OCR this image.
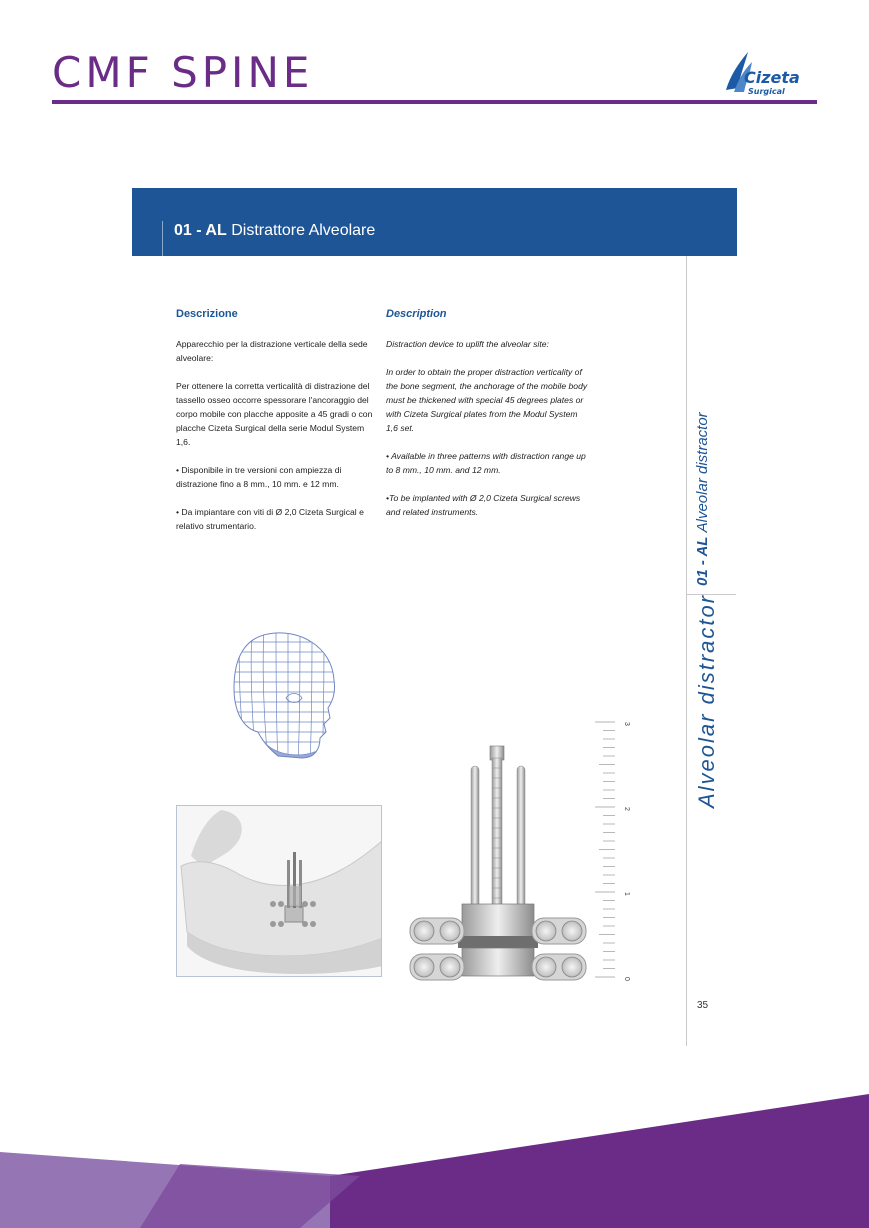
CMF SPINE	Cizeta
Surgical
01 - AL Distrattore Alveolare
01 - AL Alveolar distractor
Alveolar distractor
35
Descrizione	Description

Apparecchio per la distrazione verticale della sede alveolare:

Per ottenere la corretta verticalità di distrazione del tassello osseo occorre spessorare l'ancoraggio del corpo mobile con placche apposite a 45 gradi o con placche Cizeta Surgical della serie Modul System 1,6.

• Disponibile in tre versioni con ampiezza di distrazione fino a 8 mm., 10 mm. e 12 mm.

• Da impiantare con viti di Ø 2,0 Cizeta Surgical e relativo strumentario.

Distraction device to uplift the alveolar site:

In order to obtain the proper distraction verticality of the bone segment, the anchorage of the mobile body must be thickened with special 45 degrees plates or with Cizeta Surgical plates from the Modul System 1,6 set.

• Available in three patterns with distraction range up to 8 mm., 10 mm. and 12 mm.

•To be implanted with Ø 2,0 Cizeta Surgical screws and related instruments.

3
2
1
0
